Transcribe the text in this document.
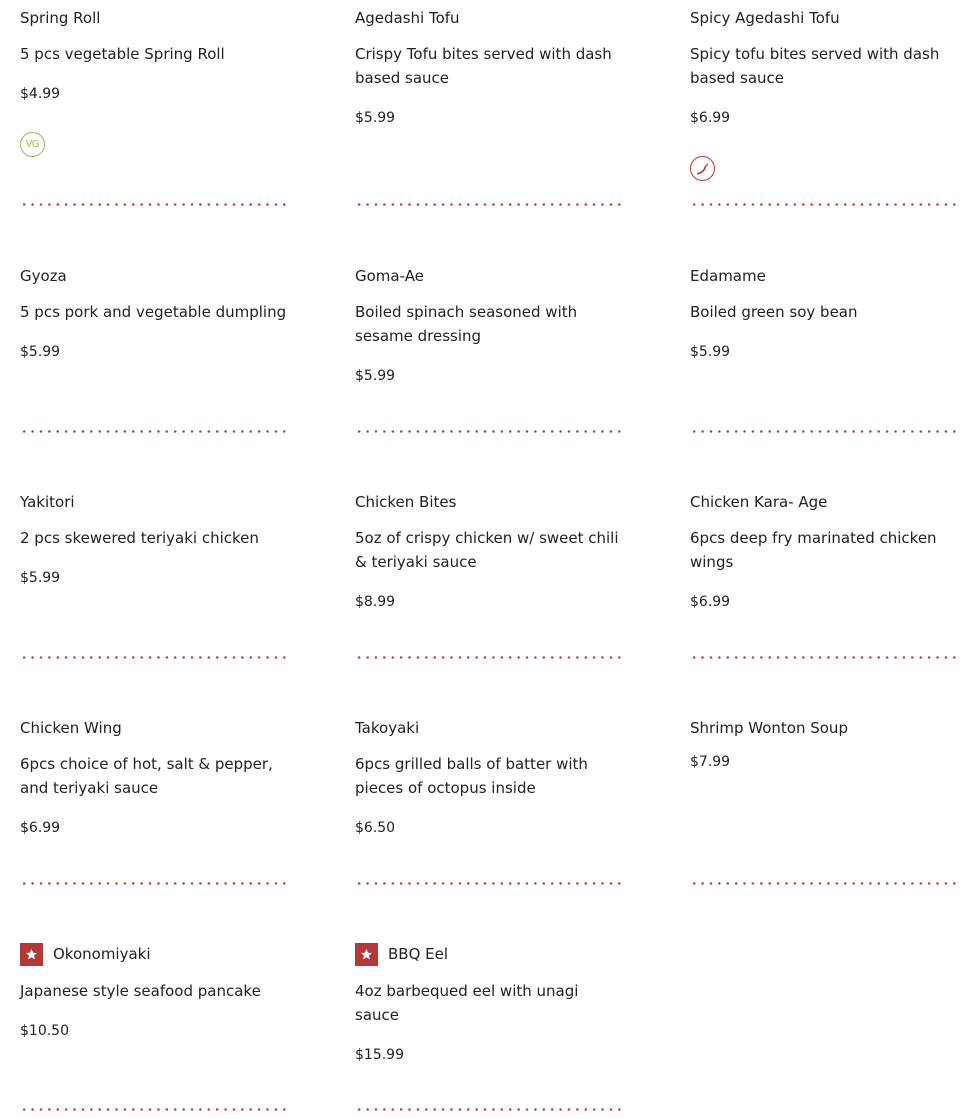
Spring Roll
5 pcs vegetable Spring Roll
$4.99
VG
Agedashi Tofu
Crispy Tofu bites served with dash based sauce
$5.99
Spicy Agedashi Tofu
Spicy tofu bites served with dash based sauce
$6.99
Gyoza
5 pcs pork and vegetable dumpling
$5.99
Goma-Ae
Boiled spinach seasoned with sesame dressing
$5.99
Edamame
Boiled green soy bean
$5.99
Yakitori
2 pcs skewered teriyaki chicken
$5.99
Chicken Bites
5oz of crispy chicken w/ sweet chili & teriyaki sauce
$8.99
Chicken Kara- Age
6pcs deep fry marinated chicken wings
$6.99
Chicken Wing
6pcs choice of hot, salt & pepper, and teriyaki sauce
$6.99
Takoyaki
6pcs grilled balls of batter with pieces of octopus inside
$6.50
Shrimp Wonton Soup
$7.99
Okonomiyaki
Japanese style seafood pancake
$10.50
BBQ Eel
4oz barbequed eel with unagi sauce
$15.99
